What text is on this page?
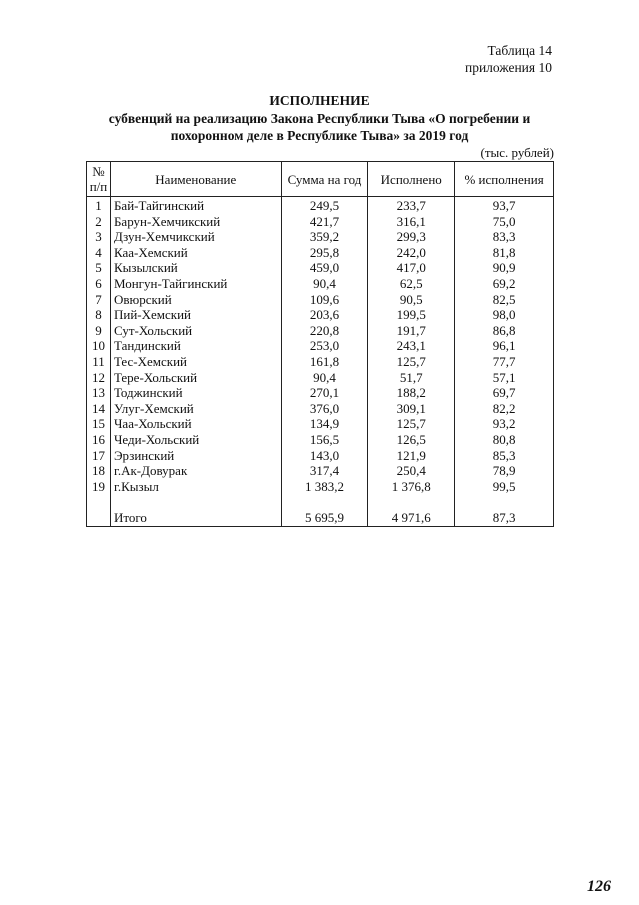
Таблица 14
приложения 10
ИСПОЛНЕНИЕ
субвенций на реализацию Закона Республики Тыва «О погребении и
похоронном деле в Республике Тыва» за 2019 год
(тыс. рублей)
№ п/п	Наименование	Сумма на год	Исполнено	% исполнения
1	Бай-Тайгинский	249,5	233,7	93,7
2	Барун-Хемчикский	421,7	316,1	75,0
3	Дзун-Хемчикский	359,2	299,3	83,3
4	Каа-Хемский	295,8	242,0	81,8
5	Кызылский	459,0	417,0	90,9
6	Монгун-Тайгинский	90,4	62,5	69,2
7	Овюрский	109,6	90,5	82,5
8	Пий-Хемский	203,6	199,5	98,0
9	Сут-Хольский	220,8	191,7	86,8
10	Тандинский	253,0	243,1	96,1
11	Тес-Хемский	161,8	125,7	77,7
12	Тере-Хольский	90,4	51,7	57,1
13	Тоджинский	270,1	188,2	69,7
14	Улуг-Хемский	376,0	309,1	82,2
15	Чаа-Хольский	134,9	125,7	93,2
16	Чеди-Хольский	156,5	126,5	80,8
17	Эрзинский	143,0	121,9	85,3
18	г.Ак-Довурак	317,4	250,4	78,9
19	г.Кызыл	1 383,2	1 376,8	99,5

	Итого	5 695,9	4 971,6	87,3
126
